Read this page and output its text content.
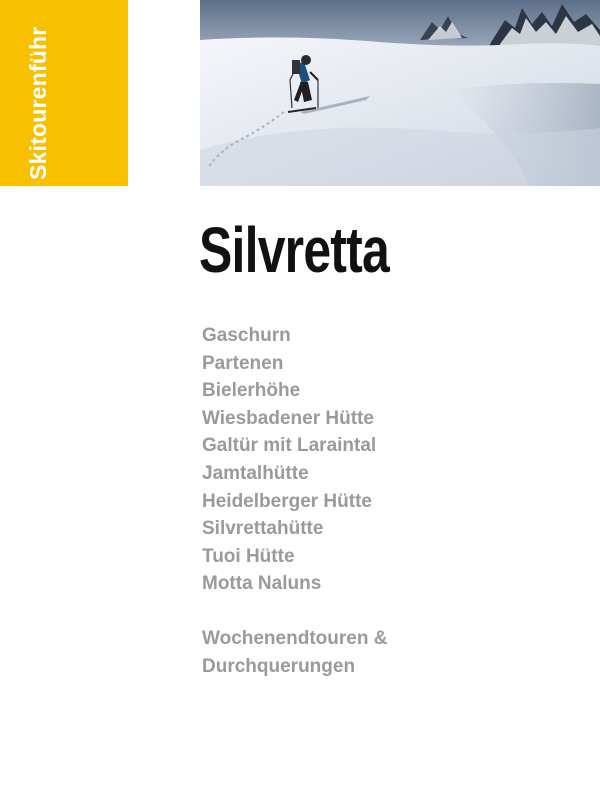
Skitourenführ
Silvretta
Gaschurn
Partenen
Bielerhöhe
Wiesbadener Hütte
Galtür mit Laraintal
Jamtalhütte
Heidelberger Hütte
Silvrettahütte
Tuoi Hütte
Motta Naluns
Wochenendtouren &
Durchquerungen
